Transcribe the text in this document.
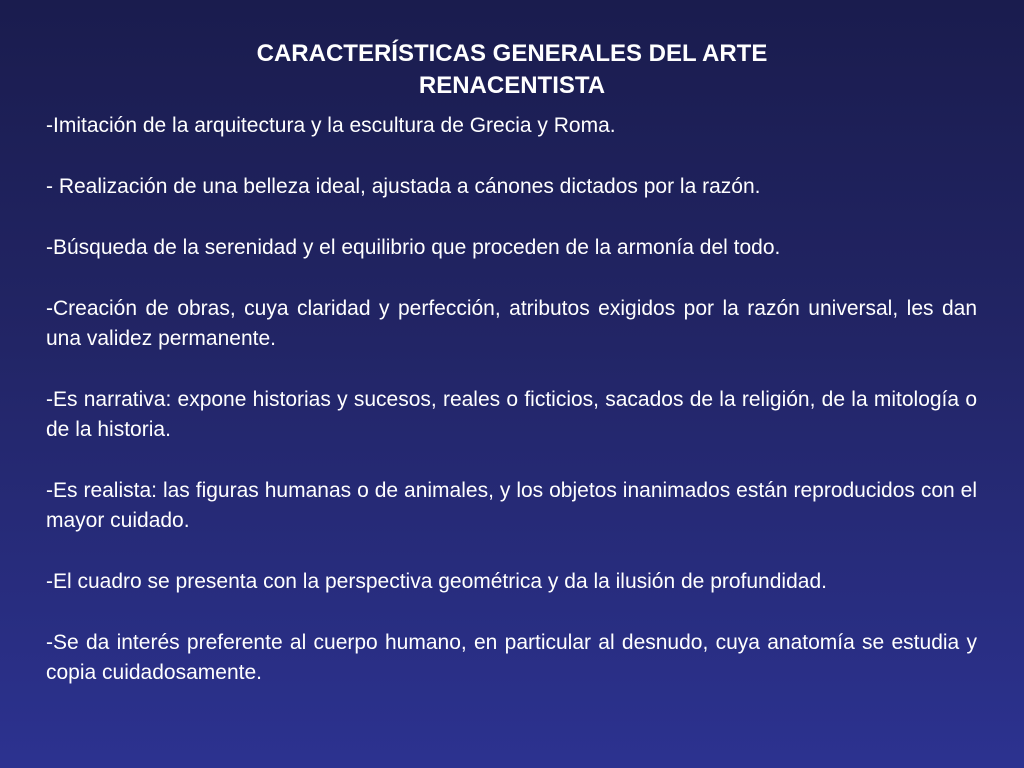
CARACTERÍSTICAS GENERALES DEL ARTE
RENACENTISTA

-Imitación de la arquitectura y la escultura de Grecia y Roma.

- Realización de una belleza ideal, ajustada a cánones dictados por la razón.

-Búsqueda de la serenidad y el equilibrio que proceden de la armonía del todo.

-Creación de obras, cuya claridad y perfección, atributos exigidos por la razón universal, les dan una validez permanente.

-Es narrativa: expone historias y sucesos, reales o ficticios, sacados de la religión, de la mitología o de la historia.

-Es realista: las figuras humanas o de animales, y los objetos inanimados están reproducidos con el mayor cuidado.

-El cuadro se presenta con la perspectiva geométrica y da la ilusión de profundidad.

-Se da interés preferente al cuerpo humano, en particular al desnudo, cuya anatomía se estudia y copia cuidadosamente.
